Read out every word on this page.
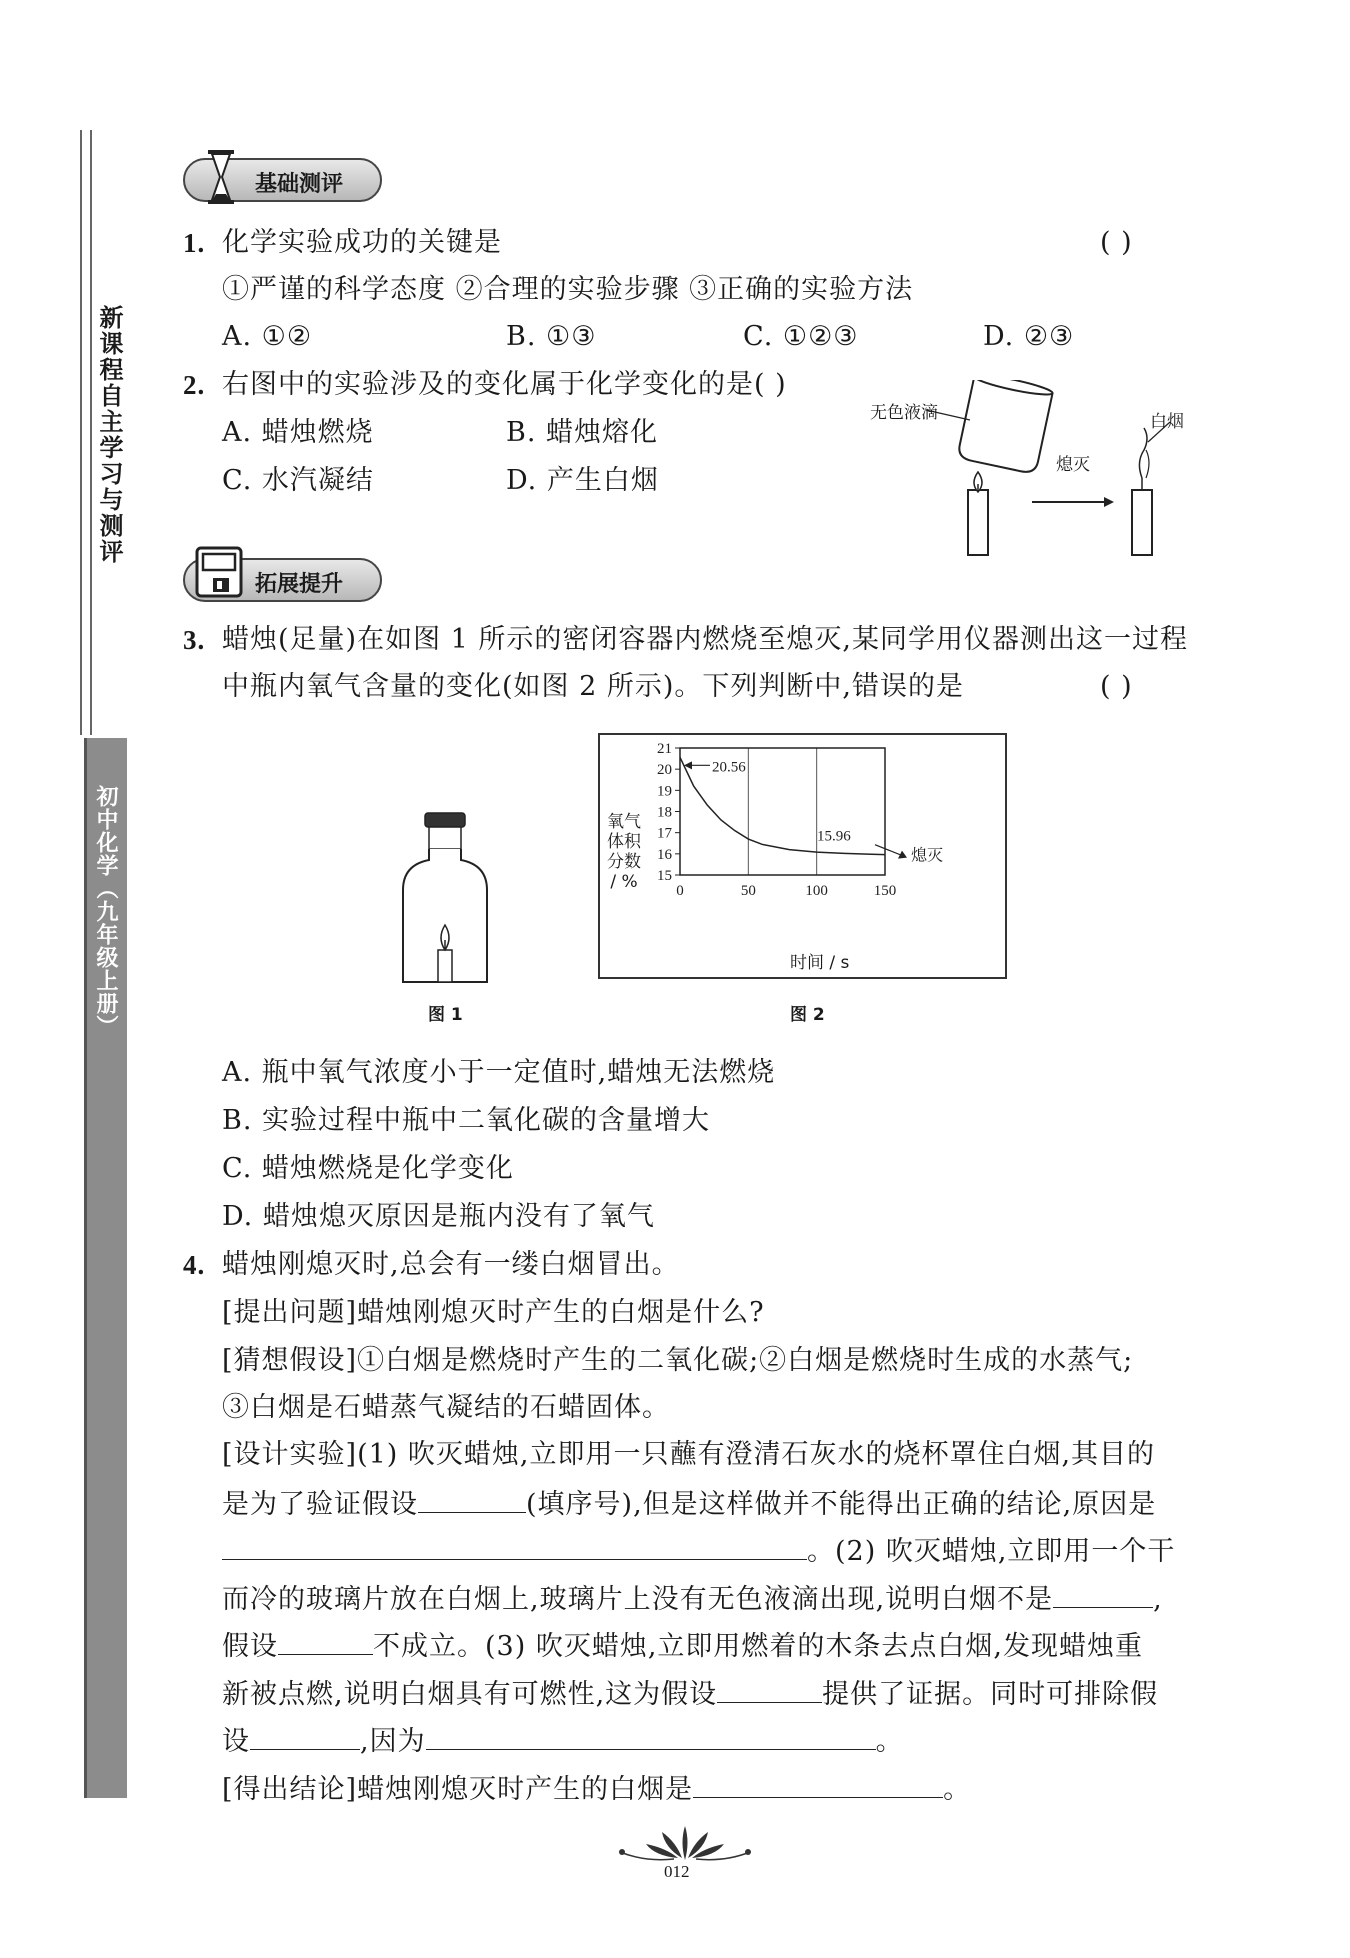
新课程自主学习与测评
初中化学（九年级上册）
基础测评
1. 化学实验成功的关键是	( )
①严谨的科学态度 ②合理的实验步骤 ③正确的实验方法
A. ①②	B. ①③	C. ①②③	D. ②③
2. 右图中的实验涉及的变化属于化学变化的是( )
A. 蜡烛燃烧	B. 蜡烛熔化
C. 水汽凝结	D. 产生白烟
无色液滴	白烟
熄灭
拓展提升
3. 蜡烛(足量)在如图 1 所示的密闭容器内燃烧至熄灭,某同学用仪器测出这一过程
中瓶内氧气含量的变化(如图 2 所示)。下列判断中,错误的是	( )
图 1
0	50	100	150
15
16
17
18
19
20
21
20.56
15.96
熄灭
氧气
体积
分数
/ %
时间 / s
图 2
A. 瓶中氧气浓度小于一定值时,蜡烛无法燃烧
B. 实验过程中瓶中二氧化碳的含量增大
C. 蜡烛燃烧是化学变化
D. 蜡烛熄灭原因是瓶内没有了氧气
4. 蜡烛刚熄灭时,总会有一缕白烟冒出。
[提出问题]蜡烛刚熄灭时产生的白烟是什么?
[猜想假设]①白烟是燃烧时产生的二氧化碳;②白烟是燃烧时生成的水蒸气;
③白烟是石蜡蒸气凝结的石蜡固体。
[设计实验](1) 吹灭蜡烛,立即用一只蘸有澄清石灰水的烧杯罩住白烟,其目的
是为了验证假设	(填序号),但是这样做并不能得出正确的结论,原因是
。(2) 吹灭蜡烛,立即用一个干
而冷的玻璃片放在白烟上,玻璃片上没有无色液滴出现,说明白烟不是	,
假设	不成立。(3) 吹灭蜡烛,立即用燃着的木条去点白烟,发现蜡烛重
新被点燃,说明白烟具有可燃性,这为假设	提供了证据。同时可排除假
设	,因为	。
[得出结论]蜡烛刚熄灭时产生的白烟是	。
012
